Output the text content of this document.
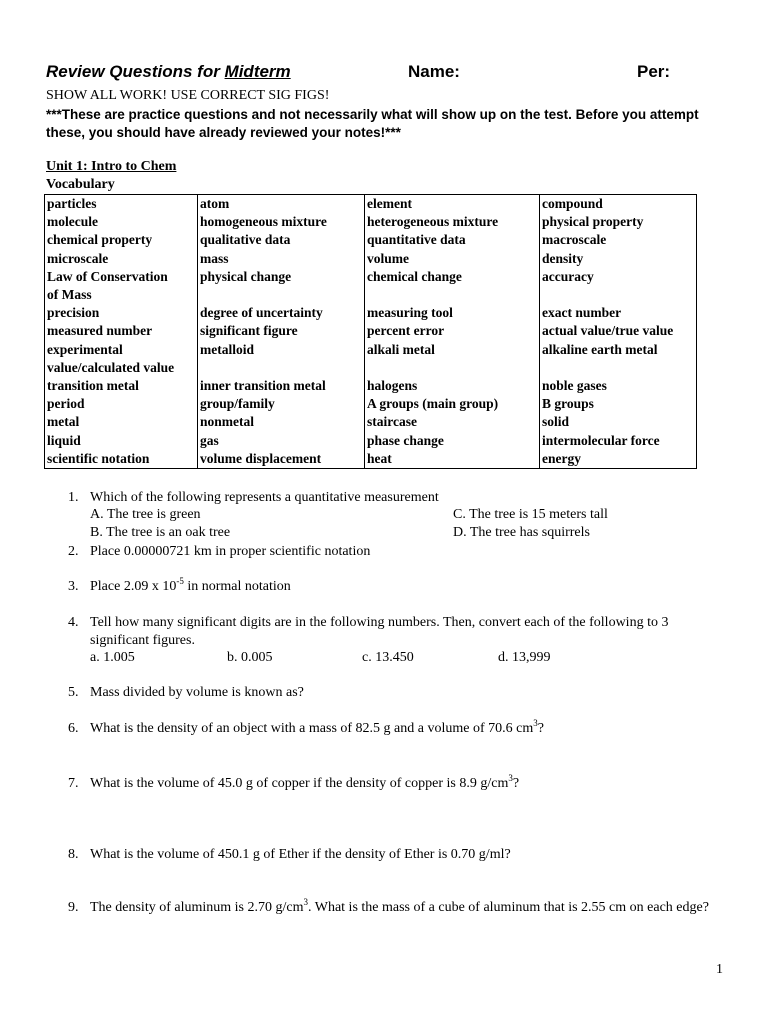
Review Questions for Midterm	Name:	Per:
SHOW ALL WORK! USE CORRECT SIG FIGS!
***These are practice questions and not necessarily what will show up on the test. Before you attempt these, you should have already reviewed your notes!***
Unit 1: Intro to Chem
Vocabulary
particles	atom	element	compound

molecule	homogeneous mixture	heterogeneous mixture	physical property

chemical property	qualitative data	quantitative data	macroscale

microscale	mass	volume	density

Law of Conservation
of Mass	physical change	chemical change	accuracy

precision	degree of uncertainty	measuring tool	exact number

measured number	significant figure	percent error	actual value/true value

experimental
value/calculated value	metalloid	alkali metal	alkaline earth metal

transition metal	inner transition metal	halogens	noble gases

period	group/family	A groups (main group)	B groups

metal	nonmetal	staircase	solid

liquid	gas	phase change	intermolecular force

scientific notation	volume displacement	heat	energy
1. Which of the following represents a quantitative measurement
A. The tree is green	C. The tree is 15 meters tall
B. The tree is an oak tree	D. The tree has squirrels
2. Place 0.00000721 km in proper scientific notation
3. Place 2.09 x $10^{-5}$ in normal notation
4. Tell how many significant digits are in the following numbers. Then, convert each of the following to 3 significant figures.
a. 1.005	b. 0.005	c. 13.450	d. 13,999
5. Mass divided by volume is known as?
6. What is the density of an object with a mass of 82.5 g and a volume of 70.6 $cm^3$?
7. What is the volume of 45.0 g of copper if the density of copper is 8.9 $g/cm^3$?
8. What is the volume of 450.1 g of Ether if the density of Ether is 0.70 g/ml?
9. The density of aluminum is 2.70 $g/cm^3$. What is the mass of a cube of aluminum that is 2.55 cm on each edge?
1
